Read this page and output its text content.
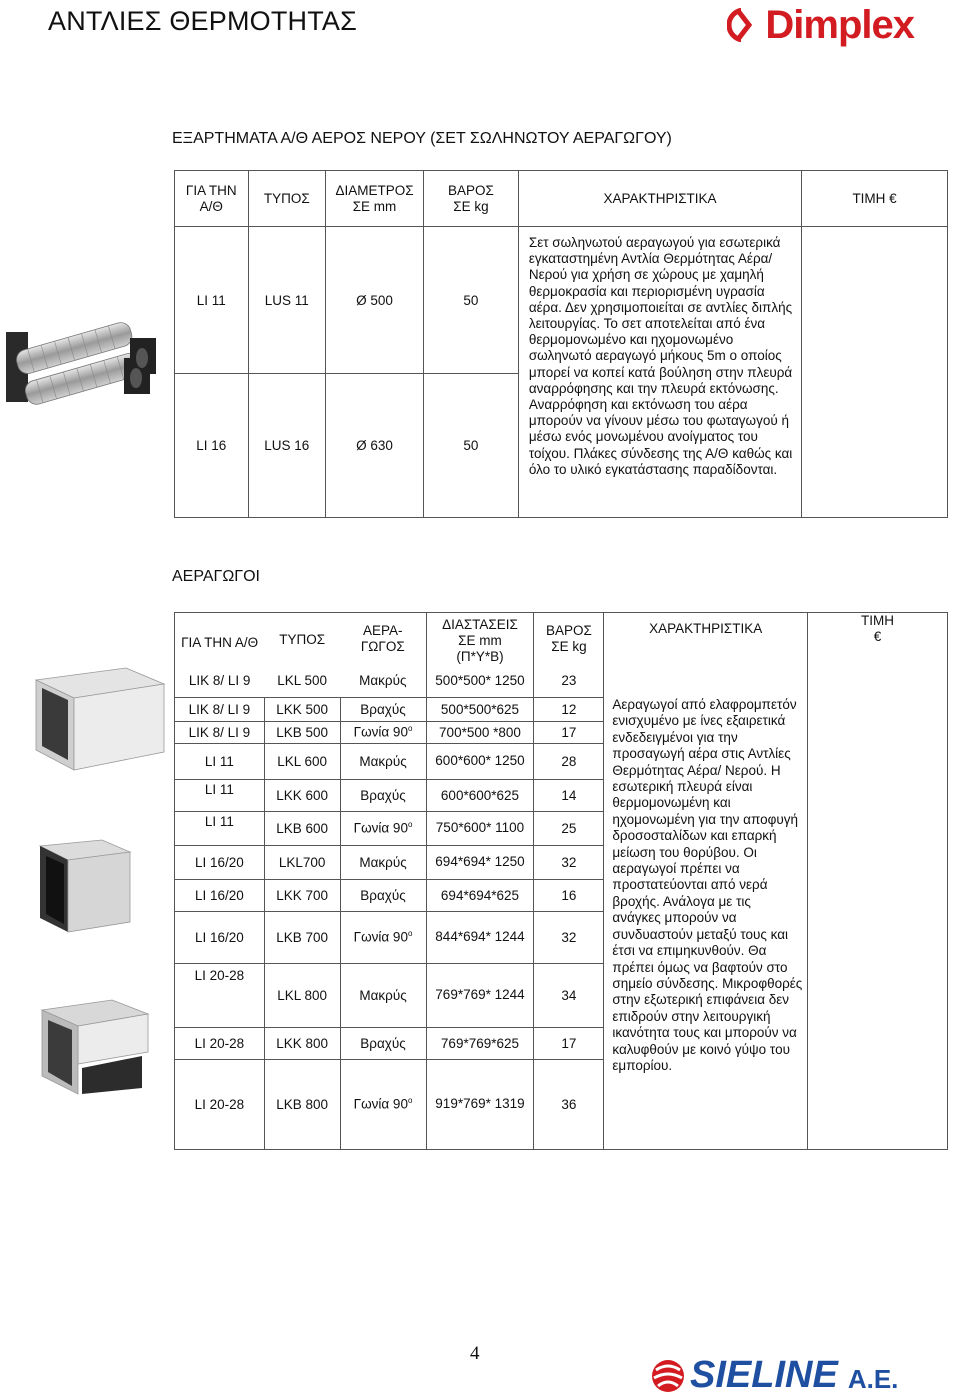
ΑΝΤΛΙΕΣ ΘΕΡΜΟΤΗΤΑΣ	Dimplex
ΕΞΑΡΤΗΜΑΤΑ Α/Θ ΑΕΡΟΣ ΝΕΡΟΥ (ΣΕΤ ΣΩΛΗΝΩΤΟΥ ΑΕΡΑΓΩΓΟΥ)
ΓΙΑ ΤΗΝ Α/Θ	ΤΥΠΟΣ	ΔΙΑΜΕΤΡΟΣ ΣΕ mm	ΒΑΡΟΣ ΣΕ kg	ΧΑΡΑΚΤΗΡΙΣΤΙΚΑ	ΤΙΜΗ €
LI 11	LUS 11	Ø 500	50	Σετ σωληνωτού αεραγωγού για εσωτερικά εγκαταστημένη Αντλία Θερμότητας Αέρα/Νερού για χρήση σε χώρους με χαμηλή θερμοκρασία και περιορισμένη υγρασία αέρα. Δεν χρησιμοποιείται σε αντλίες διπλής λειτουργίας. Το σετ αποτελείται από ένα θερμομονωμένο και ηχομονωμένο σωληνωτό αεραγωγό μήκους 5m ο οποίος μπορεί να κοπεί κατά βούληση στην πλευρά αναρρόφησης και την πλευρά εκτόνωσης. Αναρρόφηση και εκτόνωση του αέρα μπορούν να γίνουν μέσω του φωταγωγού ή μέσω ενός μονωμένου ανοίγματος του τοίχου. Πλάκες σύνδεσης της Α/Θ καθώς και όλο το υλικό εγκατάστασης παραδίδονται.	
LI 16	LUS 16	Ø 630	50		
ΑΕΡΑΓΩΓΟΙ
ΓΙΑ ΤΗΝ Α/Θ	ΤΥΠΟΣ	ΑΕΡΑ- ΓΩΓΟΣ	ΔΙΑΣΤΑΣΕΙΣ ΣΕ mm (Π*Υ*Β)	ΒΑΡΟΣ ΣΕ kg	ΧΑΡΑΚΤΗΡΙΣΤΙΚΑ	ΤΙΜΗ €
LIK 8/ LI 9	LKL 500	Μακρύς	500*500* 1250	23		
LIK 8/ LI 9	LKK 500	Βραχύς	500*500*625	12	Αεραγωγοί από ελαφρομπετόν ενισχυμένο με ίνες εξαιρετικά ενδεδειγμένοι για την προσαγωγή αέρα στις Αντλίες Θερμότητας Αέρα/ Νερού. Η εσωτερική πλευρά είναι θερμομονωμένη και ηχομονωμένη για την αποφυγή δροσοσταλίδων και επαρκή μείωση του θορύβου. Οι αεραγωγοί πρέπει να προστατεύονται από νερά βροχής. Ανάλογα με τις ανάγκες μπορούν να συνδυαστούν μεταξύ τους και έτσι να επιμηκυνθούν. Θα πρέπει όμως να βαφτούν στο σημείο σύνδεσης. Μικροφθορές στην εξωτερική επιφάνεια δεν επιδρούν στην λειτουργική ικανότητα τους και μπορούν να καλυφθούν με κοινό γύψο του εμπορίου.	
LIK 8/ LI 9	LKB 500	Γωνία 90$^o$	700*500 *800	17		
LI 11	LKL 600	Μακρύς	600*600* 1250	28		
LI 11	LKK 600	Βραχύς	600*600*625	14		
LI 11	LKB 600	Γωνία 90$^o$	750*600* 1100	25		
LI 16/20	LKL700	Μακρύς	694*694* 1250	32		
LI 16/20	LKK 700	Βραχύς	694*694*625	16		
LI 16/20	LKB 700	Γωνία 90$^o$	844*694* 1244	32		
LI 20-28	LKL 800	Μακρύς	769*769* 1244	34		
LI 20-28	LKK 800	Βραχύς	769*769*625	17		
LI 20-28	LKB 800	Γωνία 90$^o$	919*769* 1319	36		
4
SIELINE A.E.
